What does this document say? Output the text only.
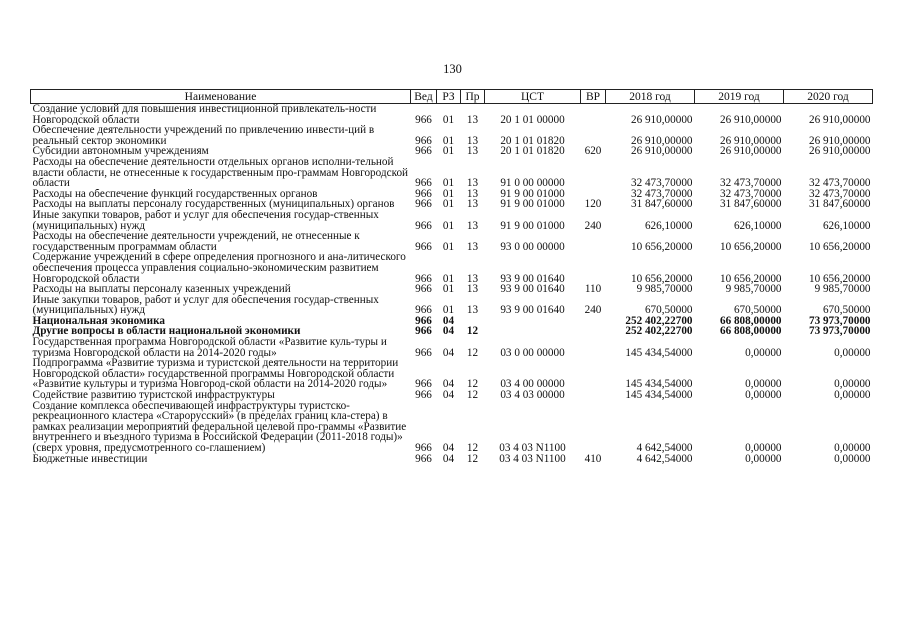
130
Наименование	Вед	РЗ	Пр	ЦСТ	ВР	2018 год	2019 год	2020 год
Создание условий для повышения инвестиционной привлекатель-ности Новгородской области	966	01	13	20 1 01 00000		26 910,00000	26 910,00000	26 910,00000
Обеспечение деятельности учреждений по привлечению инвести-ций в реальный сектор экономики	966	01	13	20 1 01 01820		26 910,00000	26 910,00000	26 910,00000
Субсидии автономным учреждениям	966	01	13	20 1 01 01820	620	26 910,00000	26 910,00000	26 910,00000
Расходы на обеспечение деятельности отдельных органов исполни-тельной власти области, не отнесенные к государственным про-граммам Новгородской области	966	01	13	91 0 00 00000		32 473,70000	32 473,70000	32 473,70000
Расходы на обеспечение функций государственных органов	966	01	13	91 9 00 01000		32 473,70000	32 473,70000	32 473,70000
Расходы на выплаты персоналу государственных (муниципальных) органов	966	01	13	91 9 00 01000	120	31 847,60000	31 847,60000	31 847,60000
Иные закупки товаров, работ и услуг для обеспечения государ-ственных (муниципальных) нужд	966	01	13	91 9 00 01000	240	626,10000	626,10000	626,10000
Расходы на обеспечение деятельности учреждений, не отнесенные к государственным программам области	966	01	13	93 0 00 00000		10 656,20000	10 656,20000	10 656,20000
Содержание учреждений в сфере определения прогнозного и ана-литического обеспечения процесса управления социально-экономическим развитием Новгородской области	966	01	13	93 9 00 01640		10 656,20000	10 656,20000	10 656,20000
Расходы на выплаты персоналу казенных учреждений	966	01	13	93 9 00 01640	110	9 985,70000	9 985,70000	9 985,70000
Иные закупки товаров, работ и услуг для обеспечения государ-ственных (муниципальных) нужд	966	01	13	93 9 00 01640	240	670,50000	670,50000	670,50000
Национальная экономика	966	04				252 402,22700	66 808,00000	73 973,70000
Другие вопросы в области национальной экономики	966	04	12			252 402,22700	66 808,00000	73 973,70000
Государственная программа Новгородской области «Развитие куль-туры и туризма Новгородской области на 2014-2020 годы»	966	04	12	03 0 00 00000		145 434,54000	0,00000	0,00000
Подпрограмма «Развитие туризма и туристской деятельности на территории Новгородской области» государственной программы Новгородской области «Развитие культуры и туризма Новгород-ской области на 2014-2020 годы»	966	04	12	03 4 00 00000		145 434,54000	0,00000	0,00000
Содействие развитию туристской инфраструктуры	966	04	12	03 4 03 00000		145 434,54000	0,00000	0,00000
Создание комплекса обеспечивающей инфраструктуры туристско-рекреационного кластера «Старорусский» (в пределах границ кла-стера) в рамках реализации мероприятий федеральной целевой про-граммы «Развитие внутреннего и въездного туризма в Российской Федерации (2011-2018 годы)» (сверх уровня, предусмотренного со-глашением)	966	04	12	03 4 03 N1100		4 642,54000	0,00000	0,00000
Бюджетные инвестиции	966	04	12	03 4 03 N1100	410	4 642,54000	0,00000	0,00000
